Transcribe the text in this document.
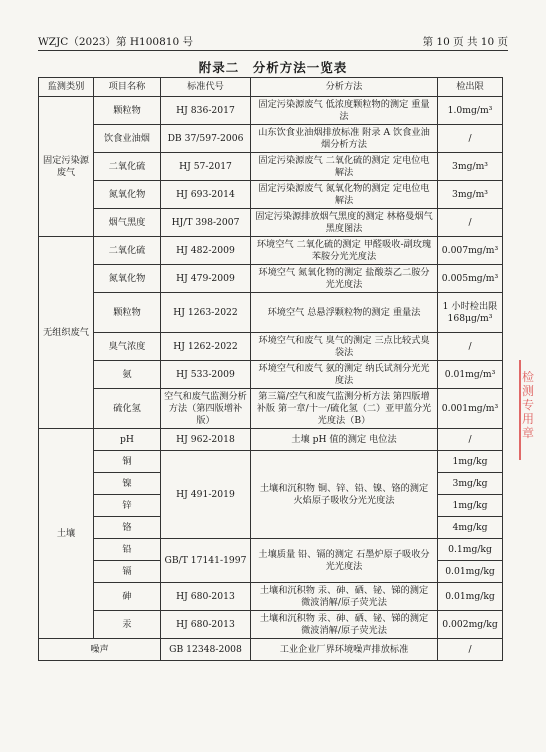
WZJC（2023）第 H100810 号	第 10 页 共 10 页
附录二　分析方法一览表
监测类别	项目名称	标准代号	分析方法	检出限
固定污染源废气	颗粒物	HJ 836-2017	固定污染源废气 低浓度颗粒物的测定 重量法	1.0mg/m³
	饮食业油烟	DB 37/597-2006	山东饮食业油烟排放标准 附录 A 饮食业油烟分析方法	/
	二氧化硫	HJ 57-2017	固定污染源废气 二氧化硫的测定 定电位电解法	3mg/m³
	氮氧化物	HJ 693-2014	固定污染源废气 氮氧化物的测定 定电位电解法	3mg/m³
	烟气黑度	HJ/T 398-2007	固定污染源排放烟气黑度的测定 林格曼烟气黑度图法	/
无组织废气	二氧化硫	HJ 482-2009	环境空气 二氧化硫的测定 甲醛吸收-副玫瑰苯胺分光光度法	0.007mg/m³
	氮氧化物	HJ 479-2009	环境空气 氮氧化物的测定 盐酸萘乙二胺分光光度法	0.005mg/m³
	颗粒物	HJ 1263-2022	环境空气 总悬浮颗粒物的测定 重量法	1 小时检出限 168μg/m³
	臭气浓度	HJ 1262-2022	环境空气和废气 臭气的测定 三点比较式臭袋法	/
	氨	HJ 533-2009	环境空气和废气 氨的测定 纳氏试剂分光光度法	0.01mg/m³
	硫化氢	空气和废气监测分析方法（第四版增补版）	第三篇/空气和废气监测分析方法 第四版增补版 第一章/十一/硫化氢（二）亚甲蓝分光光度法（B）	0.001mg/m³
土壤	pH	HJ 962-2018	土壤 pH 值的测定 电位法	/
	铜	HJ 491-2019	土壤和沉积物 铜、锌、铅、镍、铬的测定 火焰原子吸收分光光度法	1mg/kg
	镍			3mg/kg
	锌			1mg/kg
	铬			4mg/kg
	铅	GB/T 17141-1997	土壤质量 铅、镉的测定 石墨炉原子吸收分光光度法	0.1mg/kg
	镉			0.01mg/kg
	砷	HJ 680-2013	土壤和沉积物 汞、砷、硒、铋、锑的测定 微波消解/原子荧光法	0.01mg/kg
	汞	HJ 680-2013	土壤和沉积物 汞、砷、硒、铋、锑的测定 微波消解/原子荧光法	0.002mg/kg
噪声		GB 12348-2008	工业企业厂界环境噪声排放标准	/
检测专用章
